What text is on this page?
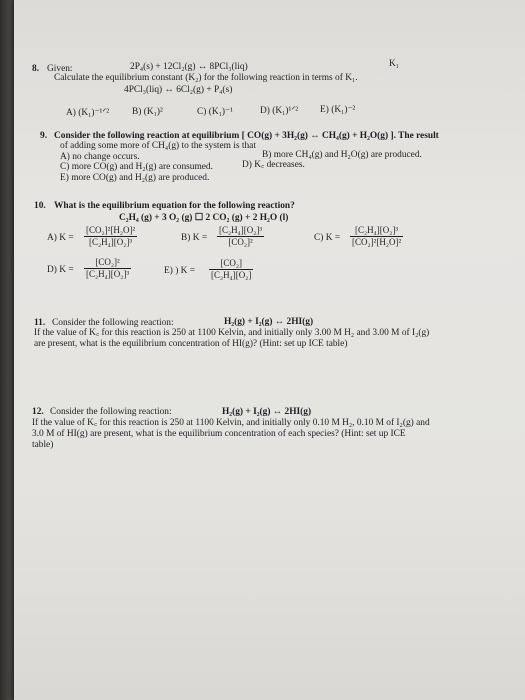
8. Given:	2P₄(s) + 12Cl₂(g) ↔ 8PCl₃(liq)	K₁
Calculate the equilibrium constant (K₂) for the following reaction in terms of K₁.
4PCl₃(liq) ↔ 6Cl₂(g) + P₄(s)
A) (K₁)⁻¹ᐟ² B) (K₁)²	C) (K₁)⁻¹	D) (K₁)¹ᐟ² E) (K₁)⁻²
9. Consider the following reaction at equilibrium [ CO(g) + 3H₂(g) ↔ CH₄(g) + H₂O(g) ]. The result
of adding some more of CH₄(g) to the system is that
A) no change occurs.	B) more CH₄(g) and H₂O(g) are produced.
C) more CO(g) and H₂(g) are consumed.	D) K꜀ decreases.
E) more CO(g) and H₂(g) are produced.
10. What is the equilibrium equation for the following reaction?
C₂H₄ (g) + 3 O₂ (g) ☐ 2 CO₂ (g) + 2 H₂O (l)
A) $K = \frac{\text{[CO₂]²[H₂O]²}}{\text{[C₂H₄][O₂]³}}$	B) $K = \frac{\text{[C₂H₄][O₂]³}}{\text{[CO₂]²}}$	C) $K = \frac{\text{[C₂H₄][O₂]³}}{\text{[CO₂]²[H₂O]²}}$
D) $K = \frac{\text{[CO₂]²}}{\text{[C₂H₄][O₂]³}}$	E) ) $K = \frac{\text{[CO₂]}}{\text{[C₂H₄][O₂]}}$
11. Consider the following reaction:	H₂(g) + I₂(g) ↔ 2HI(g)
If the value of K꜀ for this reaction is 250 at 1100 Kelvin, and initially only 3.00 M H₂ and 3.00 M of I₂(g)
are present, what is the equilibrium concentration of HI(g)? (Hint: set up ICE table)
12. Consider the following reaction:	H₂(g) + I₂(g) ↔ 2HI(g)
If the value of K꜀ for this reaction is 250 at 1100 Kelvin, and initially only 0.10 M H₂, 0.10 M of I₂(g) and
3.0 M of HI(g) are present, what is the equilibrium concentration of each species? (Hint: set up ICE
table)
